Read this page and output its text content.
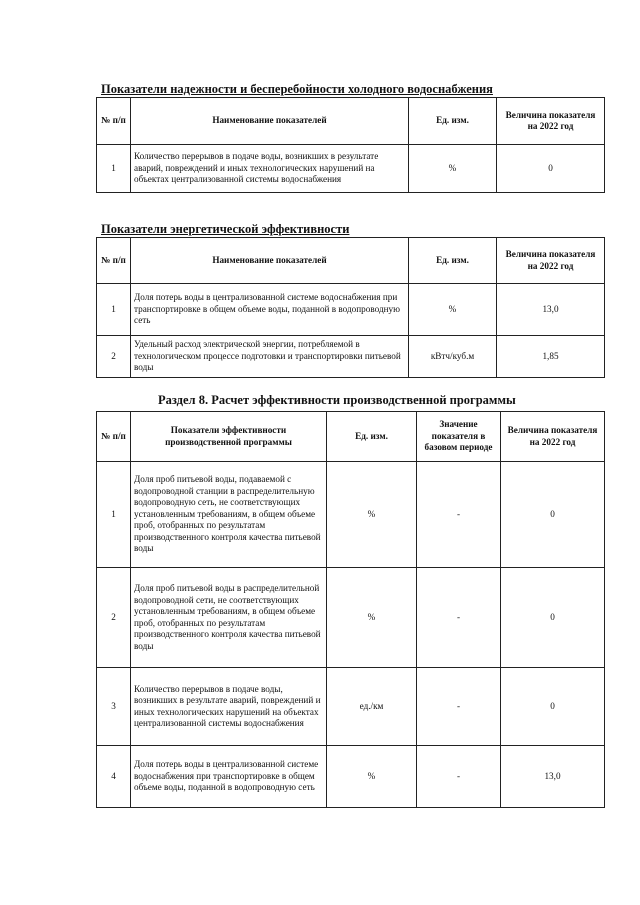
Показатели надежности и бесперебойности холодного водоснабжения
№ п/п	Наименование показателей	Ед. изм.	Величина показателя на 2022 год
1	Количество перерывов в подаче воды, возникших в результате аварий, повреждений и иных технологических нарушений на объектах централизованной системы водоснабжения	%	0
Показатели энергетической эффективности
№ п/п	Наименование показателей	Ед. изм.	Величина показателя на 2022 год
1	Доля потерь воды в централизованной системе водоснабжения при транспортировке в общем объеме воды, поданной в водопроводную сеть	%	13,0
2	Удельный расход электрической энергии, потребляемой в технологическом процессе подготовки и транспортировки питьевой воды	кВтч/куб.м	1,85
Раздел 8. Расчет эффективности производственной программы
№ п/п	Показатели эффективности производственной программы	Ед. изм.	Значение показателя в базовом периоде	Величина показателя на 2022 год
1	Доля проб питьевой воды, подаваемой с водопроводной станции в распределительную водопроводную сеть, не соответствующих установленным требованиям, в общем объеме проб, отобранных по результатам производственного контроля качества питьевой воды	%	-	0
2	Доля проб питьевой воды в распределительной водопроводной сети, не соответствующих установленным требованиям, в общем объеме проб, отобранных по результатам производственного контроля качества питьевой воды	%	-	0
3	Количество перерывов в подаче воды, возникших в результате аварий, повреждений и иных технологических нарушений на объектах централизованной системы водоснабжения	ед./км	-	0
4	Доля потерь воды в централизованной системе водоснабжения при транспортировке в общем объеме воды, поданной в водопроводную сеть	%	-	13,0
